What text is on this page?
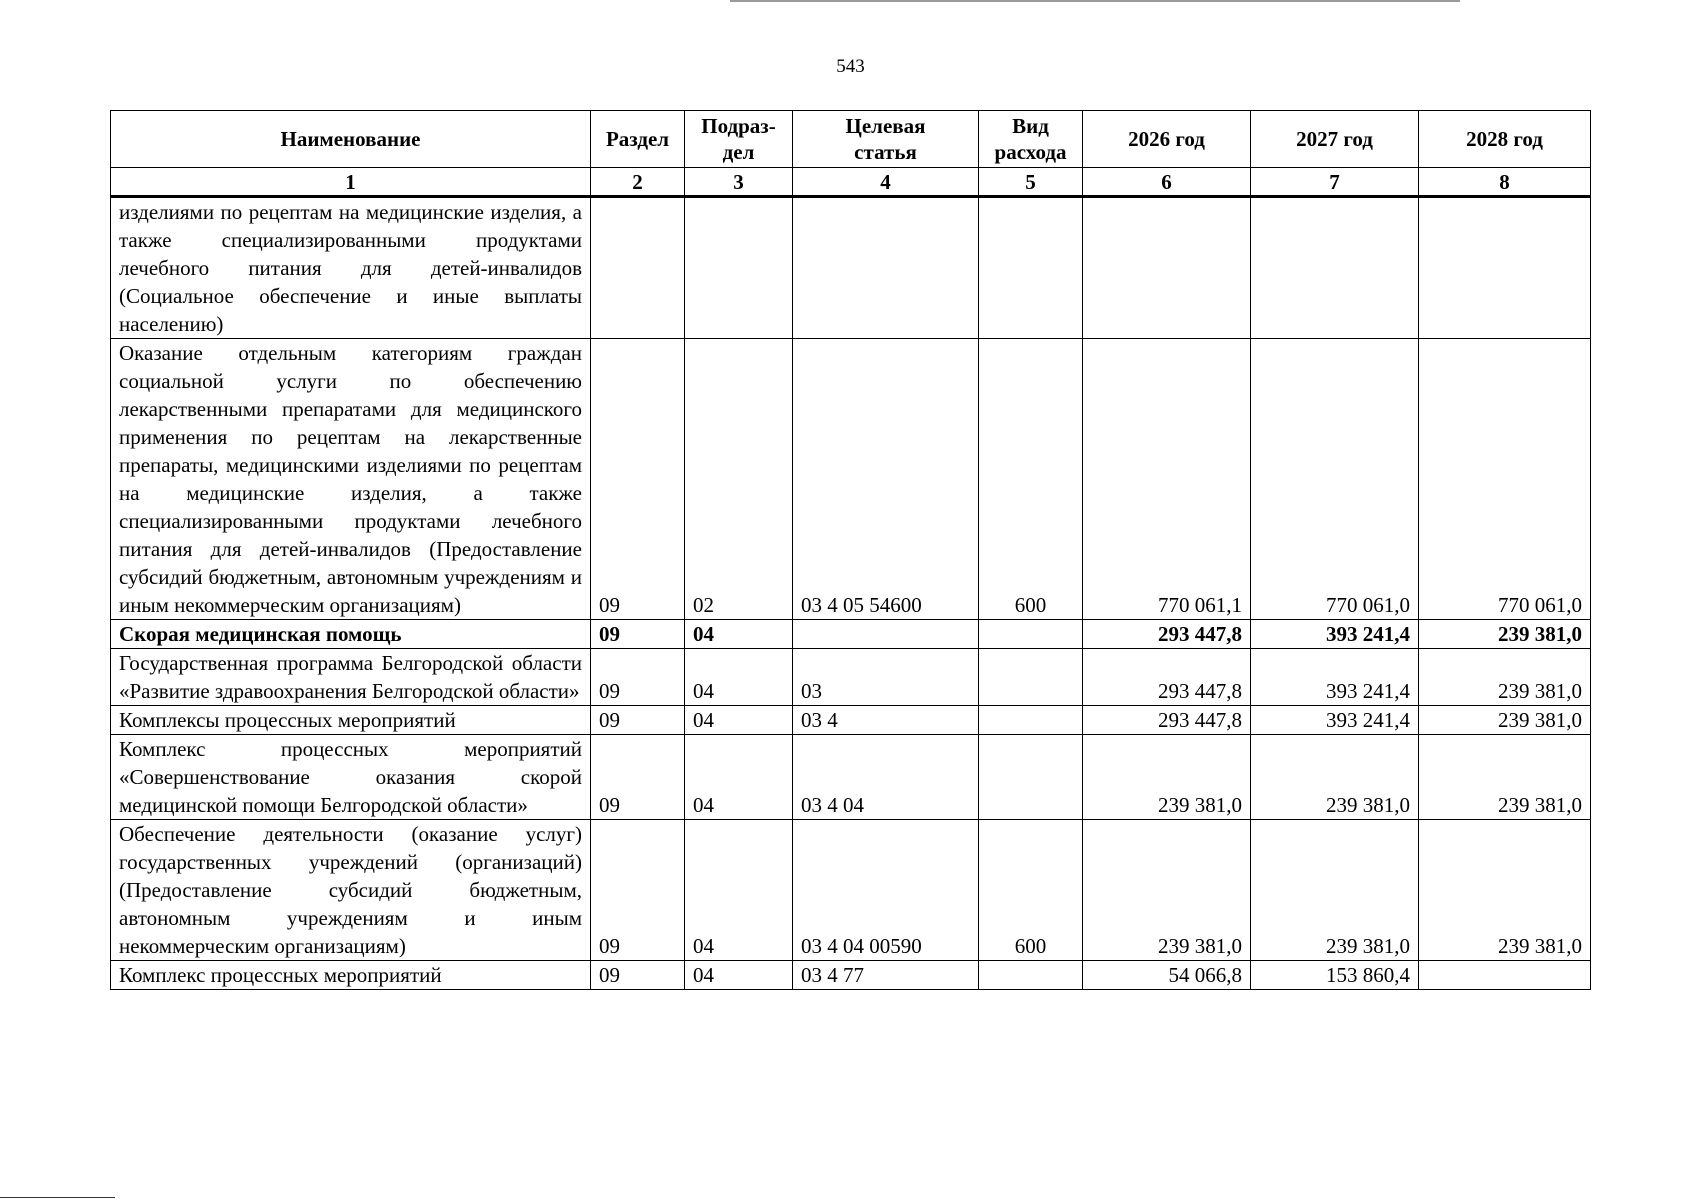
543
Наименование	Раздел	Подраз-дел	Целевая статья	Вид расхода	2026 год	2027 год	2028 год
1	2	3	4	5	6	7	8
изделиями по рецептам на медицинские изделия, а также специализированными продуктами лечебного питания для детей-инвалидов (Социальное обеспечение и иные выплаты населению)							
Оказание отдельным категориям граждан социальной услуги по обеспечению лекарственными препаратами для медицинского применения по рецептам на лекарственные препараты, медицинскими изделиями по рецептам на медицинские изделия, а также специализированными продуктами лечебного питания для детей-инвалидов (Предоставление субсидий бюджетным, автономным учреждениям и иным некоммерческим организациям)	09	02	03 4 05 54600	600	770 061,1	770 061,0	770 061,0
Скорая медицинская помощь	09	04			293 447,8	393 241,4	239 381,0
Государственная программа Белгородской области «Развитие здравоохранения Белгородской области»	09	04	03		293 447,8	393 241,4	239 381,0
Комплексы процессных мероприятий	09	04	03 4		293 447,8	393 241,4	239 381,0
Комплекс процессных мероприятий «Совершенствование оказания скорой медицинской помощи Белгородской области»	09	04	03 4 04		239 381,0	239 381,0	239 381,0
Обеспечение деятельности (оказание услуг) государственных учреждений (организаций) (Предоставление субсидий бюджетным, автономным учреждениям и иным некоммерческим организациям)	09	04	03 4 04 00590	600	239 381,0	239 381,0	239 381,0
Комплекс процессных мероприятий	09	04	03 4 77		54 066,8	153 860,4	
